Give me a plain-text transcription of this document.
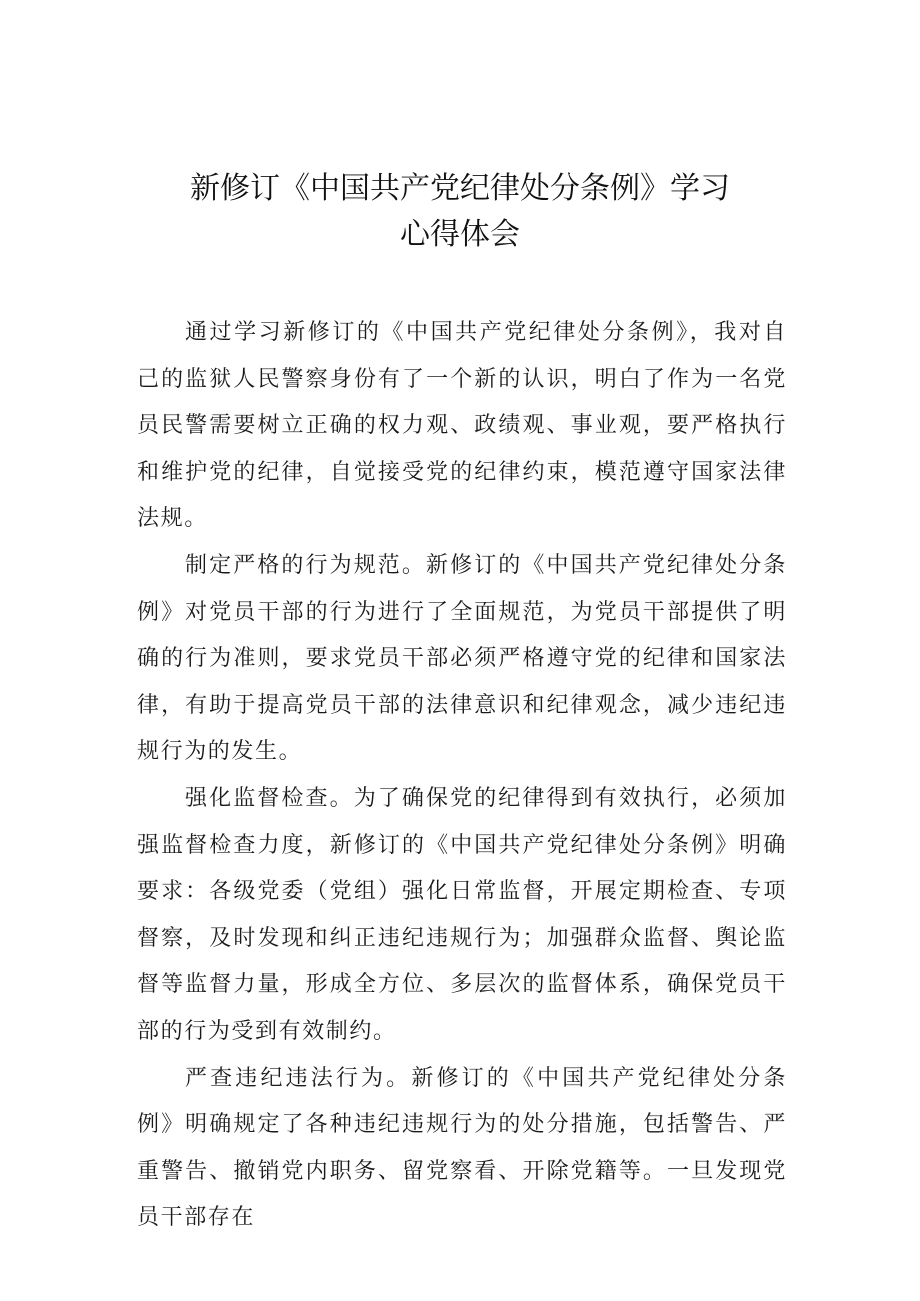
新修订《中国共产党纪律处分条例》学习
心得体会

通过学习新修订的《中国共产党纪律处分条例》，我对自己的监狱人民警察身份有了一个新的认识，明白了作为一名党员民警需要树立正确的权力观、政绩观、事业观，要严格执行和维护党的纪律，自觉接受党的纪律约束，模范遵守国家法律法规。

制定严格的行为规范。新修订的《中国共产党纪律处分条例》对党员干部的行为进行了全面规范，为党员干部提供了明确的行为准则，要求党员干部必须严格遵守党的纪律和国家法律，有助于提高党员干部的法律意识和纪律观念，减少违纪违规行为的发生。

强化监督检查。为了确保党的纪律得到有效执行，必须加强监督检查力度，新修订的《中国共产党纪律处分条例》明确要求：各级党委（党组）强化日常监督，开展定期检查、专项督察，及时发现和纠正违纪违规行为；加强群众监督、舆论监督等监督力量，形成全方位、多层次的监督体系，确保党员干部的行为受到有效制约。

严查违纪违法行为。新修订的《中国共产党纪律处分条例》明确规定了各种违纪违规行为的处分措施，包括警告、严重警告、撤销党内职务、留党察看、开除党籍等。一旦发现党员干部存在
